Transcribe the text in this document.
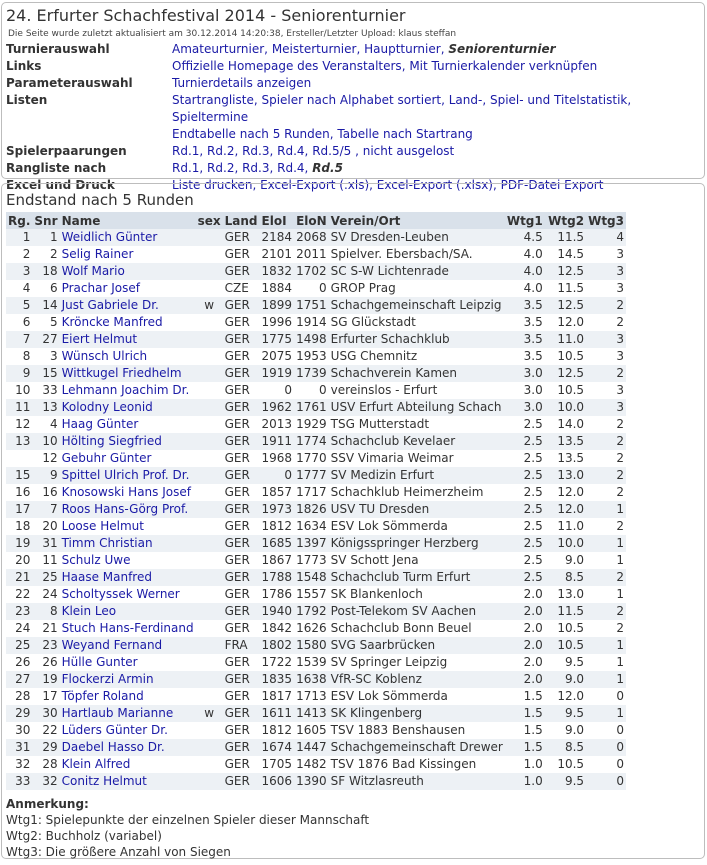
24. Erfurter Schachfestival 2014 - Seniorenturnier
Die Seite wurde zuletzt aktualisiert am 30.12.2014 14:20:38, Ersteller/Letzter Upload: klaus steffan
Turnierauswahl	Amateurturnier, Meisterturnier, Hauptturnier, Seniorenturnier
Links	Offizielle Homepage des Veranstalters, Mit Turnierkalender verknüpfen
Parameterauswahl	Turnierdetails anzeigen
Listen	Startrangliste, Spieler nach Alphabet sortiert, Land-, Spiel- und Titelstatistik, Spieltermine
Endtabelle nach 5 Runden, Tabelle nach Startrang
Spielerpaarungen	Rd.1, Rd.2, Rd.3, Rd.4, Rd.5/5 , nicht ausgelost
Rangliste nach	Rd.1, Rd.2, Rd.3, Rd.4, Rd.5
Excel und Druck	Liste drucken, Excel-Export (.xls), Excel-Export (.xlsx), PDF-Datei Export
Endstand nach 5 Runden
Rg.	Snr	Name	sex	Land	EloI	EloN	Verein/Ort	Wtg1	Wtg2	Wtg3
1	1	Weidlich Günter		GER	2184	2068	SV Dresden-Leuben	4.5	11.5	4
2	2	Selig Rainer		GER	2101	2011	Spielver. Ebersbach/SA.	4.0	14.5	3
3	18	Wolf Mario		GER	1832	1702	SC S-W Lichtenrade	4.0	12.5	3
4	6	Prachar Josef		CZE	1884	0	GROP Prag	4.0	11.5	3
5	14	Just Gabriele Dr.	w	GER	1899	1751	Schachgemeinschaft Leipzig	3.5	12.5	2
6	5	Kröncke Manfred		GER	1996	1914	SG Glückstadt	3.5	12.0	2
7	27	Eiert Helmut		GER	1775	1498	Erfurter Schachklub	3.5	11.0	3
8	3	Wünsch Ulrich		GER	2075	1953	USG Chemnitz	3.5	10.5	3
9	15	Wittkugel Friedhelm		GER	1919	1739	Schachverein Kamen	3.0	12.5	2
10	33	Lehmann Joachim Dr.		GER	0	0	vereinslos - Erfurt	3.0	10.5	3
11	13	Kolodny Leonid		GER	1962	1761	USV Erfurt Abteilung Schach	3.0	10.0	3
12	4	Haag Günter		GER	2013	1929	TSG Mutterstadt	2.5	14.0	2
13	10	Hölting Siegfried		GER	1911	1774	Schachclub Kevelaer	2.5	13.5	2
	12	Gebuhr Günter		GER	1968	1770	SSV Vimaria Weimar	2.5	13.5	2
15	9	Spittel Ulrich Prof. Dr.		GER	0	1777	SV Medizin Erfurt	2.5	13.0	2
16	16	Knosowski Hans Josef		GER	1857	1717	Schachklub Heimerzheim	2.5	12.0	2
17	7	Roos Hans-Görg Prof.		GER	1973	1826	USV TU Dresden	2.5	12.0	1
18	20	Loose Helmut		GER	1812	1634	ESV Lok Sömmerda	2.5	11.0	2
19	31	Timm Christian		GER	1685	1397	Königsspringer Herzberg	2.5	10.0	1
20	11	Schulz Uwe		GER	1867	1773	SV Schott Jena	2.5	9.0	1
21	25	Haase Manfred		GER	1788	1548	Schachclub Turm Erfurt	2.5	8.5	2
22	24	Scholtyssek Werner		GER	1786	1557	SK Blankenloch	2.0	13.0	1
23	8	Klein Leo		GER	1940	1792	Post-Telekom SV Aachen	2.0	11.5	2
24	21	Stuch Hans-Ferdinand		GER	1842	1626	Schachclub Bonn Beuel	2.0	10.5	2
25	23	Weyand Fernand		FRA	1802	1580	SVG Saarbrücken	2.0	10.5	1
26	26	Hülle Gunter		GER	1722	1539	SV Springer Leipzig	2.0	9.5	1
27	19	Flockerzi Armin		GER	1835	1638	VfR-SC Koblenz	2.0	9.0	1
28	17	Töpfer Roland		GER	1817	1713	ESV Lok Sömmerda	1.5	12.0	0
29	30	Hartlaub Marianne	w	GER	1611	1413	SK Klingenberg	1.5	9.5	1
30	22	Lüders Günter Dr.		GER	1812	1605	TSV 1883 Benshausen	1.5	9.0	0
31	29	Daebel Hasso Dr.		GER	1674	1447	Schachgemeinschaft Drewer	1.5	8.5	0
32	28	Klein Alfred		GER	1705	1482	TSV 1876 Bad Kissingen	1.0	10.5	0
33	32	Conitz Helmut		GER	1606	1390	SF Witzlasreuth	1.0	9.5	0
Anmerkung:
Wtg1: Spielepunkte der einzelnen Spieler dieser Mannschaft
Wtg2: Buchholz (variabel)
Wtg3: Die größere Anzahl von Siegen
